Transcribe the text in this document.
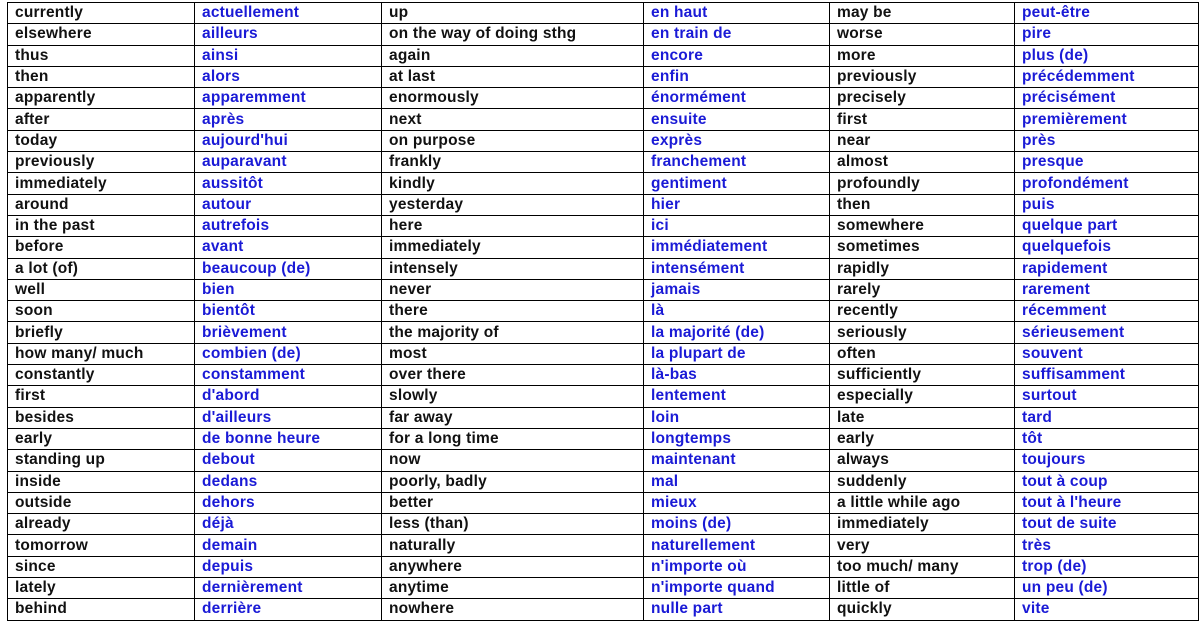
currently	actuellement	up	en haut	may be	peut-être
elsewhere	ailleurs	on the way of doing sthg	en train de	worse	pire
thus	ainsi	again	encore	more	plus (de)
then	alors	at last	enfin	previously	précédemment
apparently	apparemment	enormously	énormément	precisely	précisément
after	après	next	ensuite	first	premièrement
today	aujourd'hui	on purpose	exprès	near	près
previously	auparavant	frankly	franchement	almost	presque
immediately	aussitôt	kindly	gentiment	profoundly	profondément
around	autour	yesterday	hier	then	puis
in the past	autrefois	here	ici	somewhere	quelque part
before	avant	immediately	immédiatement	sometimes	quelquefois
a lot (of)	beaucoup (de)	intensely	intensément	rapidly	rapidement
well	bien	never	jamais	rarely	rarement
soon	bientôt	there	là	recently	récemment
briefly	brièvement	the majority of	la majorité (de)	seriously	sérieusement
how many/ much	combien (de)	most	la plupart de	often	souvent
constantly	constamment	over there	là-bas	sufficiently	suffisamment
first	d'abord	slowly	lentement	especially	surtout
besides	d'ailleurs	far away	loin	late	tard
early	de bonne heure	for a long time	longtemps	early	tôt
standing up	debout	now	maintenant	always	toujours
inside	dedans	poorly, badly	mal	suddenly	tout à coup
outside	dehors	better	mieux	a little while ago	tout à l'heure
already	déjà	less (than)	moins (de)	immediately	tout de suite
tomorrow	demain	naturally	naturellement	very	très
since	depuis	anywhere	n'importe où	too much/ many	trop (de)
lately	dernièrement	anytime	n'importe quand	little of	un peu (de)
behind	derrière	nowhere	nulle part	quickly	vite
